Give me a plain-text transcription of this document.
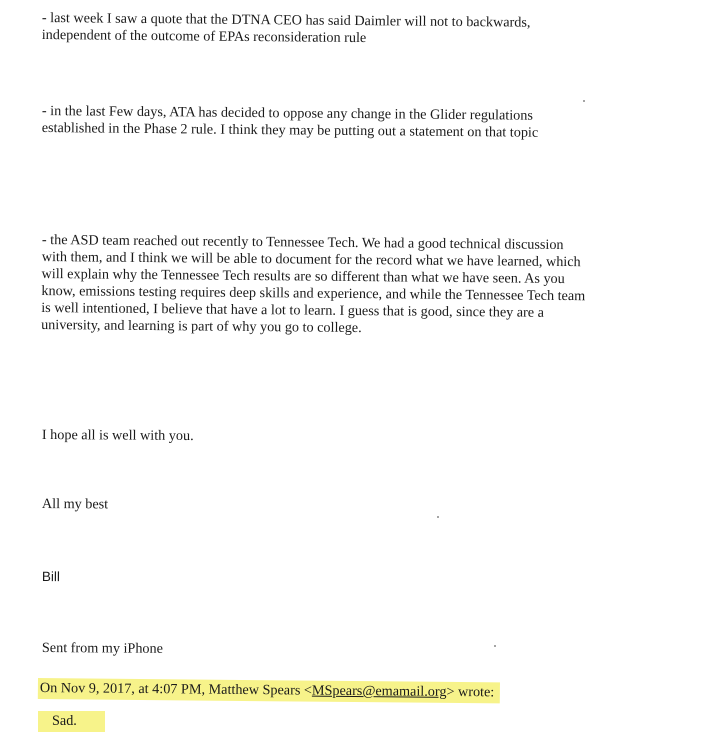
- last week I saw a quote that the DTNA CEO has said Daimler will not to backwards,
independent of the outcome of EPAs reconsideration rule
- in the last Few days, ATA has decided to oppose any change in the Glider regulations
established in the Phase 2 rule. I think they may be putting out a statement on that topic
- the ASD team reached out recently to Tennessee Tech. We had a good technical discussion
with them, and I think we will be able to document for the record what we have learned, which
will explain why the Tennessee Tech results are so different than what we have seen. As you
know, emissions testing requires deep skills and experience, and while the Tennessee Tech team
is well intentioned, I believe that have a lot to learn. I guess that is good, since they are a
university, and learning is part of why you go to college.
I hope all is well with you.
All my best
Bill
Sent from my iPhone
On Nov 9, 2017, at 4:07 PM, Matthew Spears <MSpears@emamail.org> wrote:
Sad.
